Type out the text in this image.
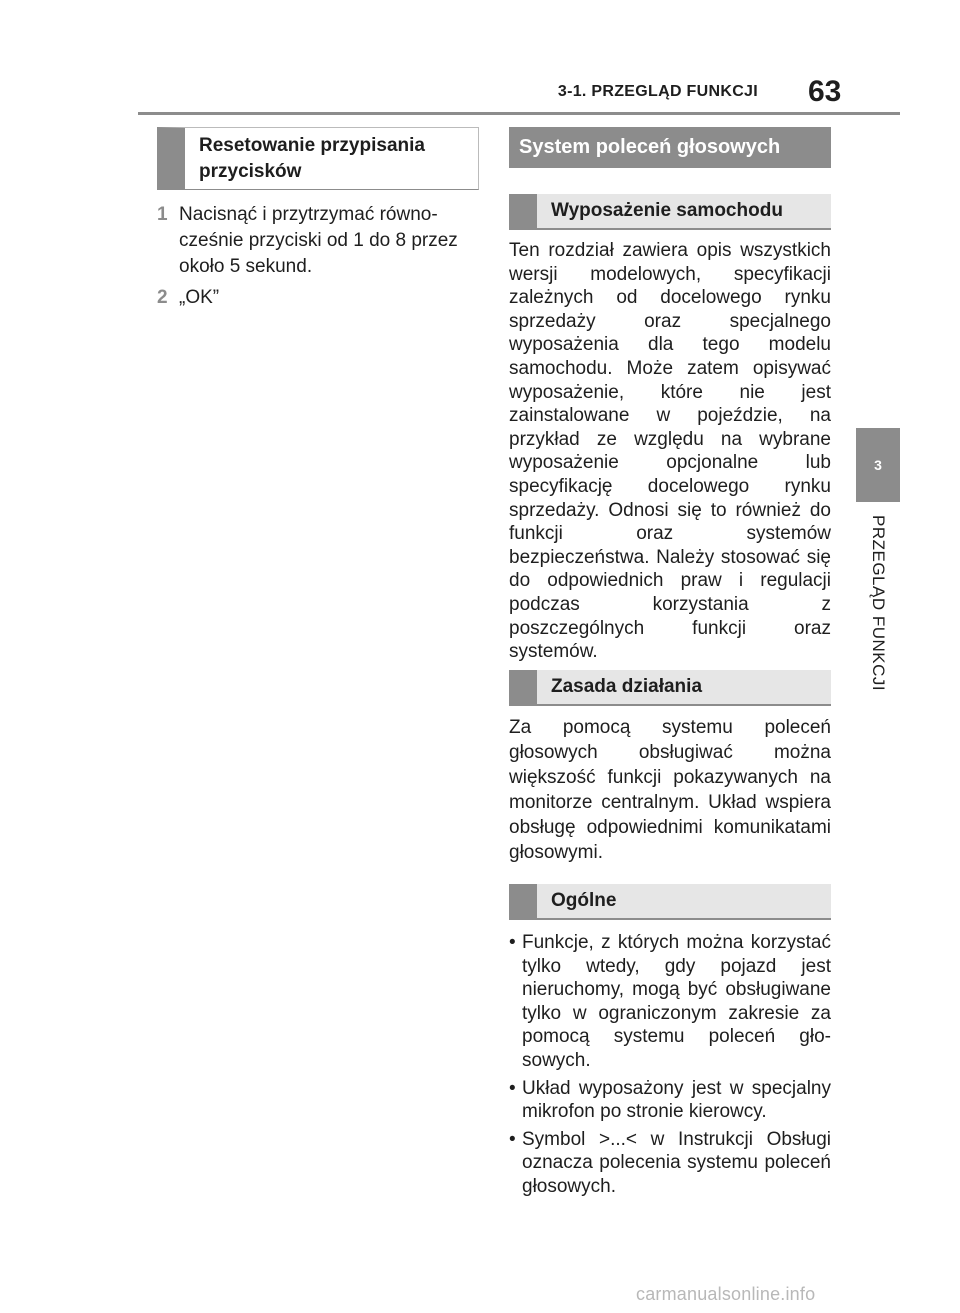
3-1. PRZEGLĄD FUNKCJI 63
3
PRZEGLĄD FUNKCJI
Resetowanie przypisania przycisków
1 Nacisnąć i przytrzymać równocześnie przyciski od 1 do 8 przez około 5 sekund.
2 „OK”
System poleceń głosowych
Wyposażenie samochodu
Ten rozdział zawiera opis wszystkich wersji modelowych, specyfikacji zależnych od docelowego rynku sprzedaży oraz specjalnego wyposażenia dla tego modelu samochodu. Może zatem opisywać wyposażenie, które nie jest zainstalowane w pojeździe, na przykład ze względu na wybrane wyposażenie opcjonalne lub specyfikację docelowego rynku sprzedaży. Odnosi się to również do funkcji oraz systemów bezpieczeństwa. Należy stosować się do odpowiednich praw i regulacji podczas korzystania z poszczególnych funkcji oraz systemów.
Zasada działania
Za pomocą systemu poleceń głosowych obsługiwać można większość funkcji pokazywanych na monitorze centralnym. Układ wspiera obsługę odpowiednimi komunikatami głosowymi.
Ogólne
• Funkcje, z których można korzystać tylko wtedy, gdy pojazd jest nieruchomy, mogą być obsługiwane tylko w ograniczonym zakresie za pomocą systemu poleceń głosowych.
• Układ wyposażony jest w specjalny mikrofon po stronie kierowcy.
• Symbol >...< w Instrukcji Obsługi oznacza polecenia systemu poleceń głosowych.
carmanualsonline.info
